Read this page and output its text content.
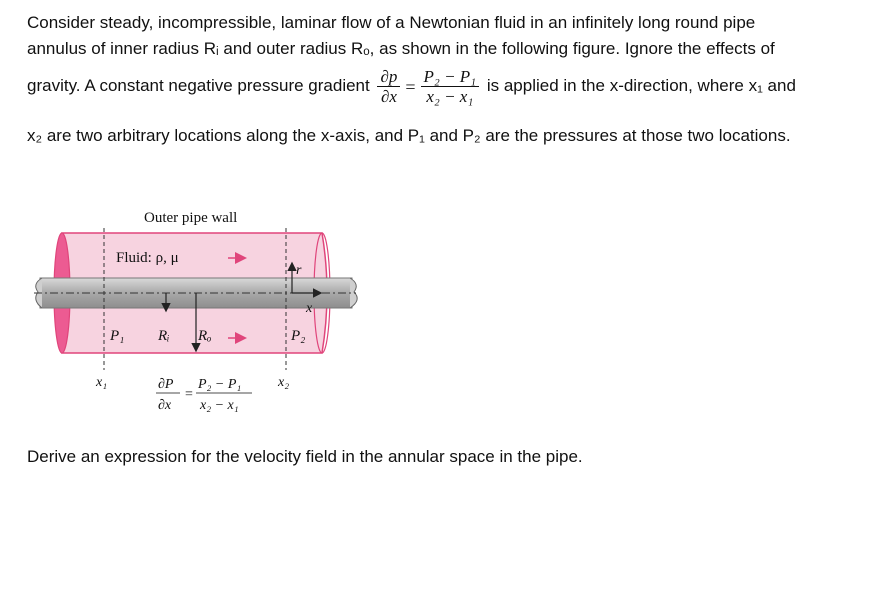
Consider steady, incompressible, laminar flow of a Newtonian fluid in an infinitely long round pipe
annulus of inner radius Rᵢ and outer radius Rₒ, as shown in the following figure. Ignore the effects of
gravity. A constant negative pressure gradient $\frac{\partial p}{\partial x} = \frac{\text{P₂ − P₁}}{\text{x₂ − x₁}}$ is applied in the x-direction, where x₁ and
x₂ are two arbitrary locations along the x-axis, and P₁ and P₂ are the pressures at those two locations.
Outer pipe wall
Fluid: ρ, μ
r
x
Rᵢ Rₒ
P₁	P₂
x₁	x₂
∂P
∂x
=
P₂ − P₁
x₂ − x₁
Derive an expression for the velocity field in the annular space in the pipe.
